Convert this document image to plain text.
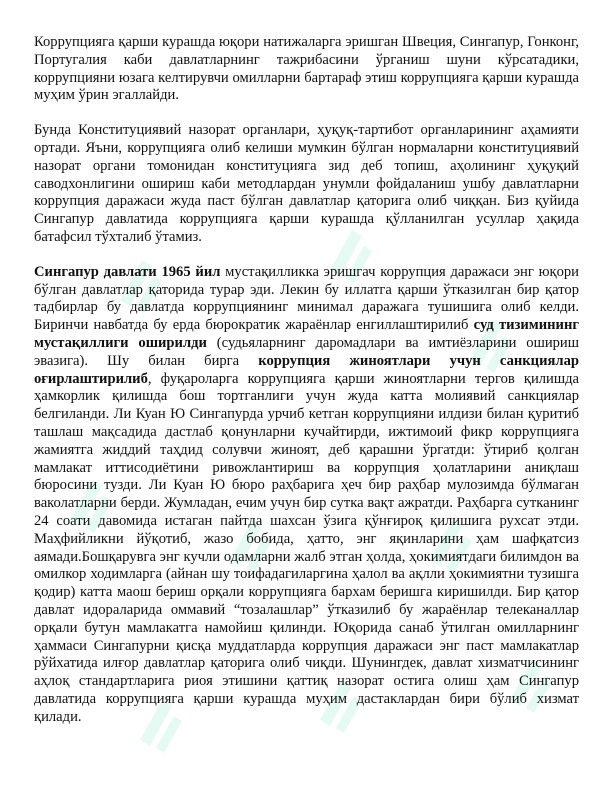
Коррупцияга қарши курашда юқори натижаларга эришган Швеция, Сингапур, Гонконг, Португалия каби давлатларнинг тажрибасини ўрганиш шуни кўрсатадики, коррупцияни юзага келтирувчи омилларни бартараф этиш коррупцияга қарши курашда муҳим ўрин эгаллайди.

Бунда Конституциявий назорат органлари, ҳуқуқ-тартибот органларининг аҳамияти ортади. Яъни, коррупцияга олиб келиши мумкин бўлган нормаларни конституциявий назорат органи томонидан конституцияга зид деб топиш, аҳолининг ҳуқуқий саводхонлигини ошириш каби методлардан унумли фойдаланиш ушбу давлатларни коррупция даражаси жуда паст бўлган давлатлар қаторига олиб чиққан. Биз қуйида Сингапур давлатида коррупцияга қарши курашда қўлланилган усуллар ҳақида батафсил тўхталиб ўтамиз.

Сингапур давлати 1965 йил мустақилликка эришгач коррупция даражаси энг юқори бўлган давлатлар қаторида турар эди. Лекин бу иллатга қарши ўтказилган бир қатор тадбирлар бу давлатда коррупциянинг минимал даражага тушишига олиб келди. Биринчи навбатда бу ерда бюрократик жараёнлар енгиллаштирилиб суд тизимининг мустақиллиги оширилди (судьяларнинг даромадлари ва имтиёзларини ошириш эвазига). Шу билан бирга коррупция жиноятлари учун санкциялар оғирлаштирилиб, фуқароларга коррупцияга қарши жиноятларни тергов қилишда ҳамкорлик қилишда бош тортганлиги учун жуда катта молиявий санкциялар белгиланди. Ли Куан Ю Сингапурда урчиб кетган коррупцияни илдизи билан қуритиб ташлаш мақсадида дастлаб қонунларни кучайтирди, ижтимоий фикр коррупцияга жамиятга жиддий таҳдид солувчи жиноят, деб қарашни ўргатди: ўтириб қолган мамлакат иттисодиётини ривожлантириш ва коррупция ҳолатларини аниқлаш бюросини тузди. Ли Куан Ю бюро раҳбарига ҳеч бир раҳбар мулозимда бўлмаган ваколатларни берди. Жумладан, ечим учун бир сутка вақт ажратди. Раҳбарга сутканинг 24 соати давомида истаган пайтда шахсан ўзига қўнғироқ қилишига рухсат этди. Маҳфийликни йўқотиб, жазо бобида, ҳатто, энг яқинларини ҳам шафқатсиз аямади.Бошқарувга энг кучли одамларни жалб этган ҳолда, ҳокимиятдаги билимдон ва омилкор ходимларга (айнан шу тоифадагиларгина ҳалол ва ақлли ҳокимиятни тузишга қодир) катта маош бериш орқали коррупцияга бархам беришга киришилди. Бир қатор давлат идораларида оммавий “тозалашлар” ўтказилиб бу жараёнлар телеканаллар орқали бутун мамлакатга намойиш қилинди. Юқорида санаб ўтилган омилларнинг ҳаммаси Сингапурни қисқа муддатларда коррупция даражаси энг паст мамлакатлар рўйхатида илғор давлатлар қаторига олиб чиқди. Шунингдек, давлат хизматчисининг аҳлоқ стандартларига риоя этишини қаттиқ назорат остига олиш ҳам Сингапур давлатида коррупцияга қарши курашда муҳим дастаклардан бири бўлиб хизмат қилади.
